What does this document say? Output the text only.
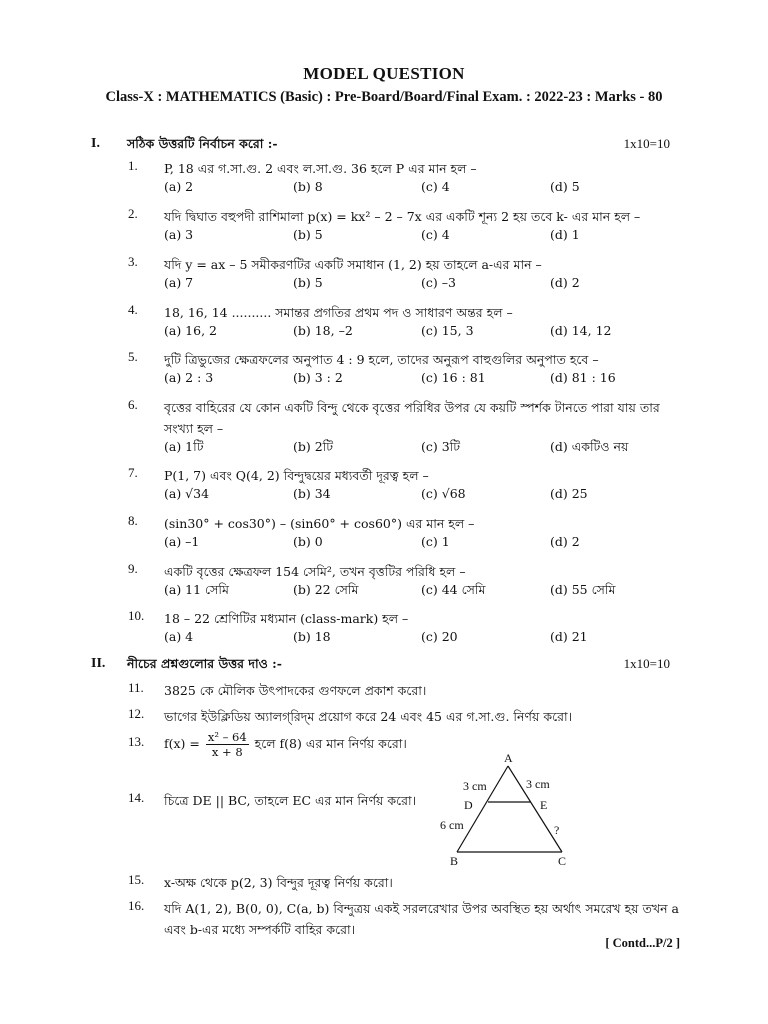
MODEL QUESTION
Class-X : MATHEMATICS (Basic) : Pre-Board/Board/Final Exam. : 2022-23 : Marks - 80
I. সঠিক উত্তরটি নির্বাচন করো :-	1x10=10
1. P, 18 এর গ.সা.গু. 2 এবং ল.সা.গু. 36 হলে P এর মান হল –
(a) 2	(b) 8	(c) 4	(d) 5
2. যদি দ্বিঘাত বহুপদী রাশিমালা p(x) = kx² – 2 – 7x এর একটি শূন্য 2 হয় তবে k- এর মান হল –
(a) 3	(b) 5	(c) 4	(d) 1
3. যদি y = ax – 5 সমীকরণটির একটি সমাধান (1, 2) হয় তাহলে a-এর মান –
(a) 7	(b) 5	(c) –3	(d) 2
4. 18, 16, 14 .......... সমান্তর প্রগতির প্রথম পদ ও সাধারণ অন্তর হল –
(a) 16, 2	(b) 18, –2	(c) 15, 3	(d) 14, 12
5. দুটি ত্রিভুজের ক্ষেত্রফলের অনুপাত 4 : 9 হলে, তাদের অনুরূপ বাহুগুলির অনুপাত হবে –
(a) 2 : 3	(b) 3 : 2	(c) 16 : 81	(d) 81 : 16
6. বৃত্তের বাহিরের যে কোন একটি বিন্দু থেকে বৃত্তের পরিধির উপর যে কয়টি স্পর্শক টানতে পারা যায় তার সংখ্যা হল –
(a) 1টি	(b) 2টি	(c) 3টি	(d) একটিও নয়
7. P(1, 7) এবং Q(4, 2) বিন্দুদ্বয়ের মধ্যবর্তী দূরত্ব হল –
(a) √34	(b) 34	(c) √68	(d) 25
8. (sin30° + cos30°) – (sin60° + cos60°) এর মান হল –
(a) –1	(b) 0	(c) 1	(d) 2
9. একটি বৃত্তের ক্ষেত্রফল 154 সেমি², তখন বৃত্তটির পরিধি হল –
(a) 11 সেমি	(b) 22 সেমি	(c) 44 সেমি	(d) 55 সেমি
10. 18 – 22 শ্রেণিটির মধ্যমান (class-mark) হল –
(a) 4	(b) 18	(c) 20	(d) 21
II. নীচের প্রশ্নগুলোর উত্তর দাও :-	1x10=10
11. 3825 কে মৌলিক উৎপাদকের গুণফলে প্রকাশ করো।
12. ভাগের ইউক্লিডিয় অ্যালগ্‌রিদ্‌ম প্রয়োগ করে 24 এবং 45 এর গ.সা.গু. নির্ণয় করো।
13. $f(x) = \frac{\text{x² – 64}}{x + 8}$ হলে f(8) এর মান নির্ণয় করো।
14. চিত্রে DE || BC, তাহলে EC এর মান নির্ণয় করো।
A
B	C
D	E
3 cm	3 cm
6 cm	?
15. x-অক্ষ থেকে p(2, 3) বিন্দুর দূরত্ব নির্ণয় করো।
16. যদি A(1, 2), B(0, 0), C(a, b) বিন্দুত্রয় একই সরলরেখার উপর অবস্থিত হয় অর্থাৎ সমরেখ হয় তখন a এবং b-এর মধ্যে সম্পর্কটি বাহির করো।
[ Contd...P/2 ]
